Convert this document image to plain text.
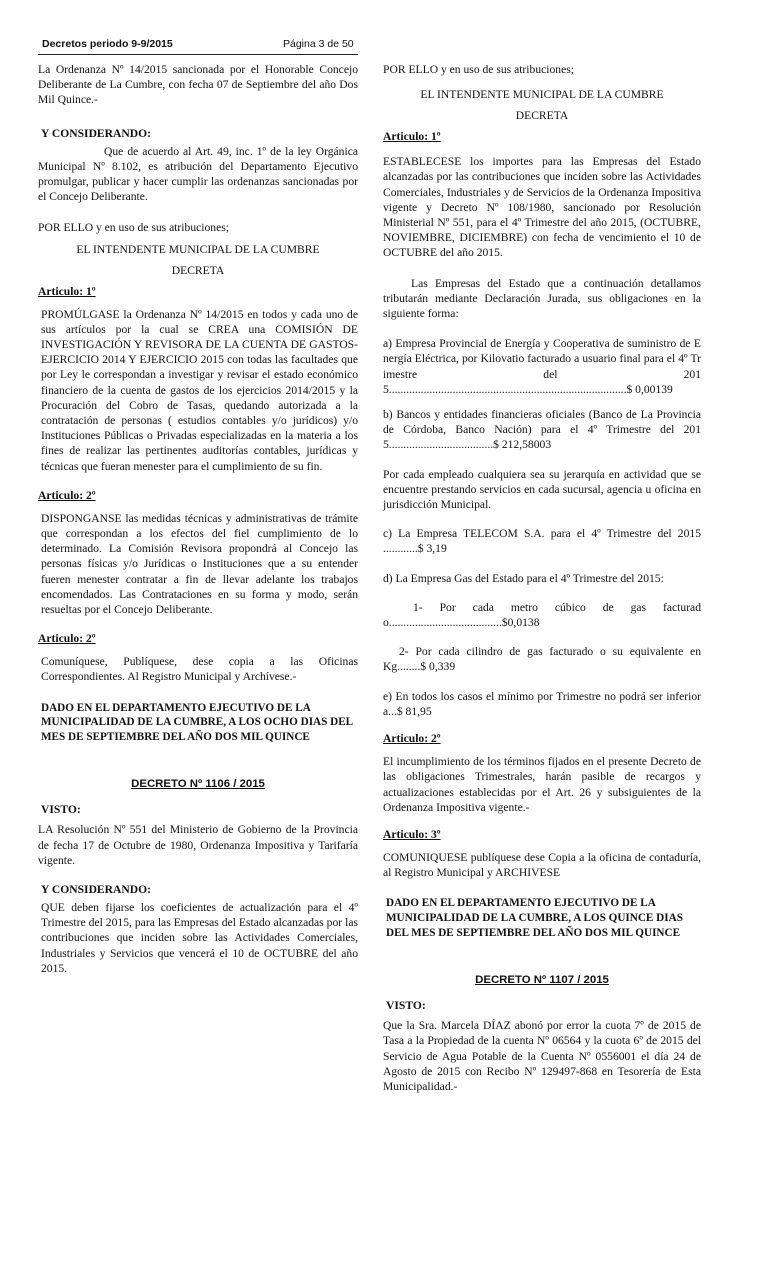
Decretos periodo 9-9/2015	Página 3 de 50

La Ordenanza Nº 14/2015 sancionada por el Honorable Concejo Deliberante de La Cumbre, con fecha 07 de Septiembre del año Dos Mil Quince.-

Y CONSIDERANDO:

Que de acuerdo al Art. 49, inc. 1º de la ley Orgánica Municipal Nº 8.102, es atribución del Departamento Ejecutivo promulgar, publicar y hacer cumplir las ordenanzas sancionadas por el Concejo Deliberante.

POR ELLO y en uso de sus atribuciones;

EL INTENDENTE MUNICIPAL DE LA CUMBRE
DECRETA
Articulo: 1º

PROMÚLGASE la Ordenanza Nº 14/2015 en todos y cada uno de sus artículos por la cual se CREA una COMISIÓN DE INVESTIGACIÓN Y REVISORA DE LA CUENTA DE GASTOS- EJERCICIO 2014 Y EJERCICIO 2015 con todas las facultades que por Ley le correspondan a investigar y revisar el estado económico financiero de la cuenta de gastos de los ejercicios 2014/2015 y la Procuración del Cobro de Tasas, quedando autorizada a la contratación de personas ( estudios contables y/o jurídicos) y/o Instituciones Públicas o Privadas especializadas en la materia a los fines de realizar las pertinentes auditorías contables, jurídicas y técnicas que fueran menester para el cumplimiento de su fin.

Articulo: 2º

DISPONGANSE las medidas técnicas y administrativas de trámite que correspondan a los efectos del fiel cumplimiento de lo determinado. La Comisión Revisora propondrá al Concejo las personas físicas y/o Jurídicas o Instituciones que a su entender fueren menester contratar a fin de llevar adelante los trabajos encomendados. Las Contrataciones en su forma y modo, serán resueltas por el Concejo Deliberante.

Articulo: 2º

Comuníquese, Publíquese, dese copia a las Oficinas Correspondientes. Al Registro Municipal y Archívese.-

DADO EN EL DEPARTAMENTO EJECUTIVO DE LA MUNICIPALIDAD DE LA CUMBRE, A LOS OCHO DIAS DEL MES DE SEPTIEMBRE DEL AÑO DOS MIL QUINCE
DECRETO Nº 1106 / 2015
VISTO:

LA Resolución Nº 551 del Ministerio de Gobierno de la Provincia de fecha 17 de Octubre de 1980, Ordenanza Impositiva y Tarifaría vigente.

Y CONSIDERANDO:

QUE deben fijarse los coeficientes de actualización para el 4º Trimestre del 2015, para las Empresas del Estado alcanzadas por las contribuciones que inciden sobre las Actividades Comerciales, Industriales y Servicios que vencerá el 10 de OCTUBRE del año 2015.

POR ELLO y en uso de sus atribuciones;

EL INTENDENTE MUNICIPAL DE LA CUMBRE
DECRETA
Articulo: 1º

ESTABLECESE los importes para las Empresas del Estado alcanzadas por las contribuciones que inciden sobre las Actividades Comerciales, Industriales y de Servicios de la Ordenanza Impositiva vigente y Decreto Nº 108/1980, sancionado por Resolución Ministerial Nº 551, para el 4º Trimestre del año 2015, (OCTUBRE, NOVIEMBRE, DICIEMBRE) con fecha de vencimiento el 10 de OCTUBRE del año 2015.

Las Empresas del Estado que a continuación detallamos tributarán mediante Declaración Jurada, sus obligaciones en la siguiente forma:

a) Empresa Provincial de Energía y Cooperativa de suministro de Energía Eléctrica, por Kilovatio facturado a usuario final para el 4º Trimestre del 2015..................................................................................$ 0,00139

b) Bancos y entidades financieras oficiales (Banco de La Provincia de Córdoba, Banco Nación) para el 4º Trimestre del 2015....................................$ 212,58003

Por cada empleado cualquiera sea su jerarquía en actividad que se encuentre prestando servicios en cada sucursal, agencia u oficina en jurisdicción Municipal.

c) La Empresa TELECOM S.A. para el 4º Trimestre del 2015 ............$ 3,19

d) La Empresa Gas del Estado para el 4º Trimestre del 2015:

1- Por cada metro cúbico de gas facturado.......................................$0,0138

2- Por cada cilindro de gas facturado o su equivalente en Kg........$ 0,339

e) En todos los casos el mínimo por Trimestre no podrá ser inferior a...$ 81,95

Articulo: 2º

El incumplimiento de los términos fijados en el presente Decreto de las obligaciones Trimestrales, harán pasible de recargos y actualizaciones establecidas por el Art. 26 y subsiguientes de la Ordenanza Impositiva vigente.-

Articulo: 3º

COMUNIQUESE publíquese dese Copia a la oficina de contaduría, al Registro Municipal y ARCHIVESE

DADO EN EL DEPARTAMENTO EJECUTIVO DE LA MUNICIPALIDAD DE LA CUMBRE, A LOS QUINCE DIAS DEL MES DE SEPTIEMBRE DEL AÑO DOS MIL QUINCE
DECRETO Nº 1107 / 2015
VISTO:

Que la Sra. Marcela DÍAZ abonó por error la cuota 7º de 2015 de Tasa a la Propiedad de la cuenta Nº 06564 y la cuota 6º de 2015 del Servicio de Agua Potable de la Cuenta Nº 0556001 el día 24 de Agosto de 2015 con Recibo Nº 129497-868 en Tesorería de Esta Municipalidad.-
